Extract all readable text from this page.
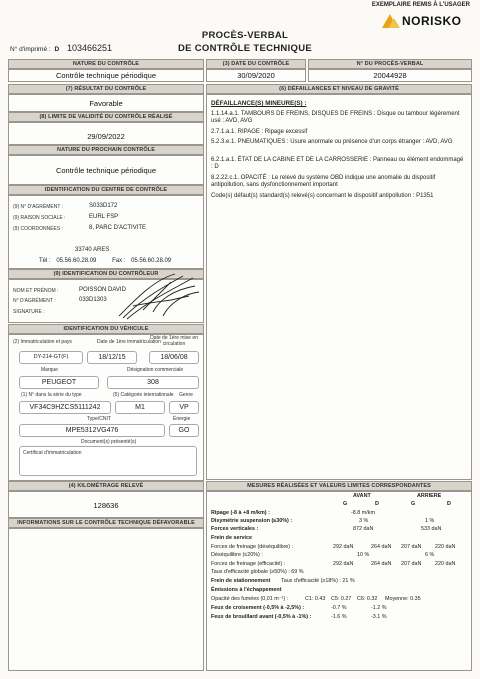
EXEMPLAIRE REMIS À L'USAGER
NORISKO
PROCÈS-VERBAL
DE CONTRÔLE TECHNIQUE
N° d'imprimé : D 103466251
NATURE DU CONTRÔLE
Contrôle technique périodique
(3) DATE DU CONTRÔLE
30/09/2020
N° DU PROCÈS-VERBAL
20044928
(7) RÉSULTAT DU CONTRÔLE
Favorable
(8) LIMITE DE VALIDITÉ DU CONTRÔLE RÉALISÉ
29/09/2022
NATURE DU PROCHAIN CONTRÔLE
Contrôle technique périodique
IDENTIFICATION DU CENTRE DE CONTRÔLE
(9) N° D'AGRÉMENT :	S033D172
(9) RAISON SOCIALE :	EURL FSP
(9) COORDONNÉES :	8, PARC D'ACTIVITE
33740 ARES
Tél : 05.56.60.28.09	Fax : 05.56.60.28.09
(9) IDENTIFICATION DU CONTRÔLEUR
NOM ET PRÉNOM :	POISSON DAVID
N° D'AGRÉMENT :	033D1303
SIGNATURE :
IDENTIFICATION DU VÉHICULE
(2) Immatriculation et pays	Date de 1ère immatriculation
Date de 1ère mise en circulation
DY-214-GT(F)	18/12/15	18/06/08
Marque	Désignation commerciale
PEUGEOT	308
(1) N° dans la série du type	(5) Catégorie internationale Genre
VF34C9HZCS5111242	M1	VP
Type/CNIT	Énergie
MPE5312VG476	GO
Document(s) présenté(s)
Certificat d'immatriculation
(4) KILOMÉTRAGE RELEVÉ
128636
INFORMATIONS SUR LE CONTRÔLE TECHNIQUE DÉFAVORABLE
(6) DÉFAILLANCES ET NIVEAU DE GRAVITÉ
DÉFAILLANCE(S) MINEURE(S) :
1.1.14.a.1. TAMBOURS DE FREINS, DISQUES DE FREINS : Disque ou tambour légèrement usé : AVD, AVG
2.7.1.a.1. RIPAGE : Ripage excessif
5.2.3.e.1. PNEUMATIQUES : Usure anormale ou présence d'un corps étranger : AVD, AVG
6.2.1.a.1. ÉTAT DE LA CABINE ET DE LA CARROSSERIE : Panneau ou élément endommagé : D
8.2.22.c.1. OPACITÉ : Le relevé du système OBD indique une anomalie du dispositif antipollution, sans dysfonctionnement important
Code(s) défaut(s) standard(s) relevé(s) concernant le dispositif antipollution : P1351
MESURES RÉALISÉES ET VALEURS LIMITES CORRESPONDANTES
AVANT	ARRIERE
G	D	G	D
Ripage (-8 à +8 m/km) :	-8.8 m/km
Disymétrie suspension (≤30%) :	3 %	1 %
Forces verticales :	872 daN	533 daN
Frein de service
Forces de freinage (déséquilibre) :	292 daN	264 daN 207 daN	220 daN
Déséquilibre (≤20%) :	10 %	6 %
Forces de freinage (efficacité) :	292 daN	264 daN 207 daN	220 daN
Taux d'efficacité globale (≥50%) : 69 %
Frein de stationnement Taux d'efficacité (≥18%) : 21 %
Émissions à l'échappement
Opacité des fumées (0,01 m⁻¹) :	C1: 0.43 C5: 0.27 C6: 0.32 Moyenne: 0.35
Feux de croisement (-0,5% à -2,5%) :	-0.7 %	-1.2 %
Feux de brouillard avant (-0,5% à -1%) :	-1.6 %	-3.1 %
